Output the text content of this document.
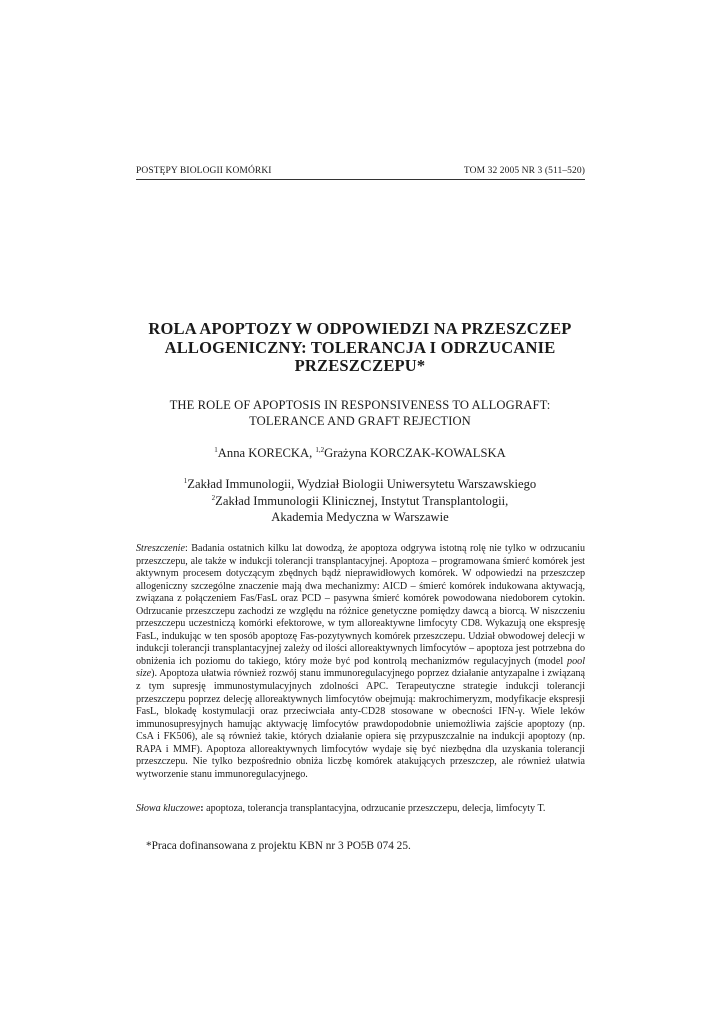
POSTĘPY BIOLOGII KOMÓRKI	TOM 32 2005 NR 3 (511–520)
ROLA APOPTOZY W ODPOWIEDZI NA PRZESZCZEP
ALLOGENICZNY: TOLERANCJA I ODRZUCANIE
PRZESZCZEPU*
THE ROLE OF APOPTOSIS IN RESPONSIVENESS TO ALLOGRAFT:
TOLERANCE AND GRAFT REJECTION
$^1$Anna KORECKA, $^{1,2}$Grażyna KORCZAK-KOWALSKA
$^1$Zakład Immunologii, Wydział Biologii Uniwersytetu Warszawskiego
$^2$Zakład Immunologii Klinicznej, Instytut Transplantologii,
Akademia Medyczna w Warszawie
Streszczenie: Badania ostatnich kilku lat dowodzą, że apoptoza odgrywa istotną rolę nie tylko w odrzucaniu przeszczepu, ale także w indukcji tolerancji transplantacyjnej. Apoptoza – programowana śmierć komórek jest aktywnym procesem dotyczącym zbędnych bądź nieprawidłowych komórek. W odpowiedzi na przeszczep allogeniczny szczególne znaczenie mają dwa mechanizmy: AICD – śmierć komórek indukowana aktywacją, związana z połączeniem Fas/FasL oraz PCD – pasywna śmierć komórek powodowana niedoborem cytokin. Odrzucanie przeszczepu zachodzi ze względu na różnice genetyczne pomiędzy dawcą a biorcą. W niszczeniu przeszczepu uczestniczą komórki efektorowe, w tym alloreaktywne limfocyty CD8. Wykazują one ekspresję FasL, indukując w ten sposób apoptozę Fas-pozytywnych komórek przeszczepu. Udział obwodowej delecji w indukcji tolerancji transplantacyjnej zależy od ilości alloreaktywnych limfocytów – apoptoza jest potrzebna do obniżenia ich poziomu do takiego, który może być pod kontrolą mechanizmów regulacyjnych (model pool size). Apoptoza ułatwia również rozwój stanu immunoregulacyjnego poprzez działanie antyzapalne i związaną z tym supresję immunostymulacyjnych zdolności APC. Terapeutyczne strategie indukcji tolerancji przeszczepu poprzez delecję alloreaktywnych limfocytów obejmują: makrochimeryzm, modyfikacje ekspresji FasL, blokadę kostymulacji oraz przeciwciała anty-CD28 stosowane w obecności IFN-γ. Wiele leków immunosupresyjnych hamując aktywację limfocytów prawdopodobnie uniemożliwia zajście apoptozy (np. CsA i FK506), ale są również takie, których działanie opiera się przypuszczalnie na indukcji apoptozy (np. RAPA i MMF). Apoptoza alloreaktywnych limfocytów wydaje się być niezbędna dla uzyskania tolerancji przeszczepu. Nie tylko bezpośrednio obniża liczbę komórek atakujących przeszczep, ale również ułatwia wytworzenie stanu immunoregulacyjnego.
Słowa kluczowe: apoptoza, tolerancja transplantacyjna, odrzucanie przeszczepu, delecja, limfocyty T.
*Praca dofinansowana z projektu KBN nr 3 PO5B 074 25.
